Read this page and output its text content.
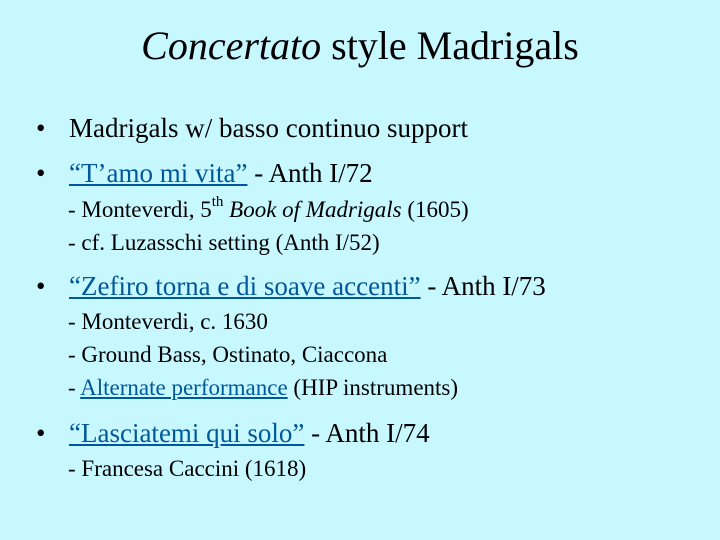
Concertato style Madrigals
• Madrigals w/ basso continuo support
• “T’amo mi vita” - Anth I/72
- Monteverdi, 5th Book of Madrigals (1605)
- cf. Luzasschi setting (Anth I/52)
• “Zefiro torna e di soave accenti” - Anth I/73
- Monteverdi, c. 1630
- Ground Bass, Ostinato, Ciaccona
- Alternate performance (HIP instruments)
• “Lasciatemi qui solo” - Anth I/74
- Francesa Caccini (1618)
